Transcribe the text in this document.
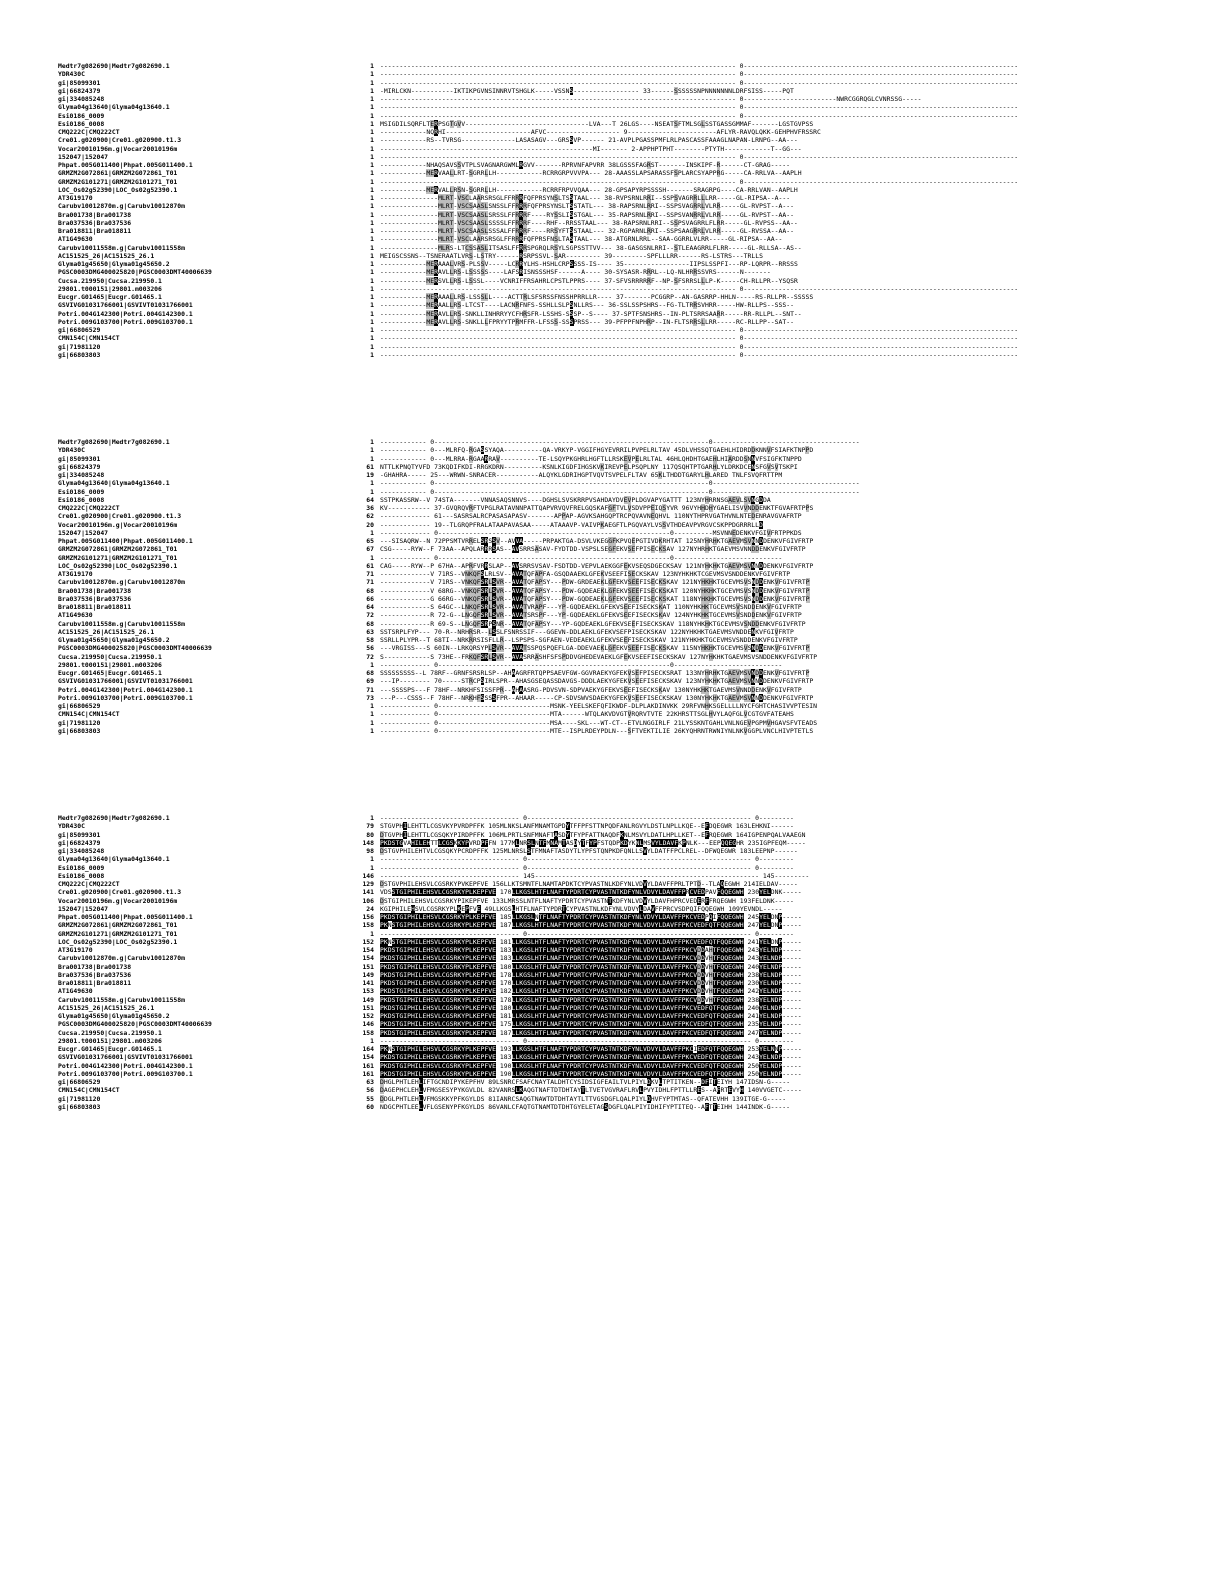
Medtr7g082690|Medtr7g082690.1	1 -------------------------------------------------------------------------------------------- 0-----------------------------------------------------------------------
YDR430C	1 -------------------------------------------------------------------------------------------- 0-----------------------------------------------------------------------
gi|85099301	1 -------------------------------------------------------------------------------------------- 0-----------------------------------------------------------------------
gi|66824379	1 -MIRLCKN-----------IKTIKPGVNSINNRVTSHGLK-----VSSNS----------------- 33------SSSSSSNPNNNNNNNLDRFSISS-----PQT
gi|334085248	1 -------------------------------------------------------------------------------------------- 0------------------------NWRCGGRQGLCVNRSSG-----
Glyma04g13640|Glyma04g13640.1	1 -------------------------------------------------------------------------------------------- 0-----------------------------------------------------------------------
Esi0186_0009	1 -------------------------------------------------------------------------------------------- 0-----------------------------------------------------------------------
Esi0186_0008	1 MSIGDILSQRFLTERPSGTGVV--------------------------------LVA---T 26LGS----NSEATSFTMLSGLSSTGASSGMMAF-------LGSTGVPSS
CMQ222C|CMQ222CT	1 ------------NQRHI----------------------AFVC------------------- 9-----------------------AFLYR-RAVQLQKK-GEHPHVFRSSRC
Cre01.g020900|Cre01.g020900.t1.3	1 ------------RS--TVRSG--------------LASASAGV---GRSSVP------ 21-AVPLPGASSPMFLRLPASCASSFAAAGLNAPAN-LRNPG--AA---
Vocar20010196m.g|Vocar20010196m	1 -------------------------------------------------------MI------- 2-APPHPTPHT--------PTYTH------------T--GG---
152047|152047	1 -------------------------------------------------------------------------------------------- 0-----------------------------------------------------------------------
Phpat.005G011400|Phpat.005G011400.1	1 ------------NHAQSAVSSVTPLSVAGNARGWMLRGVV-------RPRVNFAPVRR 38LGSSSFAGRST-------INSKIPF-R------CT-GRAG-----
GRMZM2G072861|GRMZM2G072861_T01	1 ------------MERVAALLRT-SGRRLLH------------RCRRGRPVVVPA--- 28-AAASSLAPSARASSFSPLARCSYAPPRG-----CA-RRLVA--AAPLH
GRMZM2G101271|GRMZM2G101271_T01	1 -------------------------------------------------------------------------------------------- 0-----------------------------------------------------------------------
LOC_Os02g52390|LOC_Os02g52390.1	1 ------------MERVALLRSN-SGRRLLH------------RCRRFRPVVQAA--- 28-GPSAPYRPSSSSH-------SRAGRPG----CA-RRLVAN--AAPLH
AT3G19170	1 ---------------MLRT-VSCLAARSRSGLFFRRRFQFPRSYNSLTSSTAAL--- 38-RVPSRNLRRI--SSPSVAGRRLLLRR-----GL-RIPSA--A---
Carubv10012870m.g|Carubv10012870m	1 ---------------MLRT-VSCSAASLSNSSLFFRRRFQFPRSYNSLTSSTATL--- 38-RAPSRNLRRI--SSPSVAGRRLVLRR-----GL-RVPST--A---
Bra001738|Bra001738	1 ---------------MLRT-VSCSAASLSRSSLFFRRRF----RYSSLISSTGAL--- 35-RAPSRNLRRI--SSPSVANRRLVLRR-----GL-RVPST--AA--
Bra037536|Bra037536	1 ---------------MLRT-VSCSAASLSSSSLFFRRRF----RHF--RRSSTAAL--- 38-RAPSRNLRRI--SSPSVAGRRLFLRR-----GL-RVPSS--AA--
Bra018811|Bra018811	1 ---------------MLRT-VSCSAASLSSSALFFRRRF----RRSYFTSSTAAL--- 32-RGPARNLRRI--SSPSAAGRRLVLRR-----GL-RVSSA--AA--
AT1G49630	1 ---------------MLRT-VSCLAARSRSGLFFRRRFQFPRSFNSLTASTAAL--- 38-ATGRNLRRL--SAA-GGRRLVLRR-----GL-RIPSA--AA--
Carubv10011558m.g|Carubv10011558m	1 ---------------MLRS-LTCSSASLITSASLFFRRSPGRQLRSYLSGPSSTTVV--- 38-GASGSNLRRI--STLEAAGRRLFLRR-----GL-RLLSA--AS--
AC151525_26|AC151525_26.1	1 MEIGSCSSNS--TSNERAATLVRS-LSTRY------RSRPSSVL-SAR--------- 39---------SPFLLLRR------RS-LSTRS---TRLLS
Glyma01g45650|Glyma01g45650.2	1 ------------MERAAALVRS-PLSSV-----LCRRYLHS-HSHLCRPSSSS-IS---- 35-----------------IIPSLSSPFI---RP-LQRPR--RRSSS
PGSC0003DMG400025820|PGSC0003DMT40006639	1 ------------MERAVLLRS-LSSSSS----LAFSRISNSSSHSF------A---- 30-SYSASR-RRRL--LQ-NLHRRSSVRS------N-------
Cucsa.219950|Cucsa.219950.1	1 ------------MERSVLLRS-LSSSL----VCNRIFFRSAHRLCPSTLPPRS---- 37-SFVSRRRRRF--NP-SFSRRSLLLP-K-----CH-RLLPR--YSQSR
29801.t000151|29801.m003206	1 -------------------------------------------------------------------------------------------- 0-----------------------------------------------------------------------
Eucgr.G01465|Eucgr.G01465.1	1 ------------MERAAALLRS-LSSSLL----ACTTRLSFSRSSFNSSHPRRLLR---- 37-------PCGGRP--AN-GASRRP-HHLN-----RS-RLLPR--SSSSS
GSVIVG01031766001|GSVIVT01031766001	1 ------------MERAALLRS-LTCST----LACNRFNFS-SSHLLSLPSNLLRS--- 36-SSLSSPSHRS--FG-TLTRRSVHRR-----HW-RLLPS--SSS--
Potri.004G142300|Potri.004G142300.1	1 ------------MERAVLLRS-SNKLLINHRRYYCFHRSFR-LSSHS-SSSP--S---- 37-SPTFSNSHRS--IN-PLTSRRSAARR-----RR-RLLPL--SNT--
Potri.009G103700|Potri.009G103700.1	1 ------------MERAVLLRS-SNKLLLFPRYYTPRMFFR-LFSSS-SSSPRSS--- 39-PFPPFNPHRP--IN-FLTSRRSLLRR-----RC-RLLPP--SAT--
gi|66806529	1 -------------------------------------------------------------------------------------------- 0-----------------------------------------------------------------------
CMN154C|CMN154CT	1 -------------------------------------------------------------------------------------------- 0-----------------------------------------------------------------------
gi|71981120	1 -------------------------------------------------------------------------------------------- 0-----------------------------------------------------------------------
gi|66803803	1 -------------------------------------------------------------------------------------------- 0-----------------------------------------------------------------------
Medtr7g082690|Medtr7g082690.1	1 ------------ 0-----------------------------------------------------------------------0--------------------------------------
YDR430C	1 ------------ 0---MLRFQ-RGASSYAQA----------QA-VRKYP-VGGIFHGYEVRRILPVPELRLTAV 45DLVHSSQTGAEHLHIDRDDKNNVFSIAFKTNPPD
gi|85099301	1 ------------ 0---MLRRA-RGAARRAV----------TE-LSQYPKGHRLHGFTLLRSKEVPELRLTAL 46HLQHDHTGAEHLHIARDDSNNVFSIGFKTNPPD
gi|66824379	61 NTTLKPNQTYVFD 73KQDIFKDI-RRGKDRN----------KSNLKIGDFIHGSKVKIREVPELPSQPLNY 117QSQHTPTGARHLYLDRKDCENSFGVSVTSKPI
gi|334085248	19 -GHAHRA----- 25---WRWN-SNRACER-----------ALQYKLGDRIHGPTVQVTSVPELFLTAV 65KLTHDDTGARYLHLARED TNLFSVQFRTTPM
Glyma04g13640|Glyma04g13640.1	1 ------------ 0-----------------------------------------------------------------------0--------------------------------------
Esi0186_0009	1 ------------ 0-----------------------------------------------------------------------0--------------------------------------
Esi0186_0008	64 SSTPKASSRW--V 74STA-------VNNASAQSNNVS----DGHSLSVSKRRPVSAHDAYDVEVPLDGVAPYGATTT 123NYHRRNSGAEVLSVNGDDA
CMQ222C|CMQ222CT	36 KV----------- 37-GVQRQVRFTVPGLRATAVNNPATTQAPVRVQVFRELGQSKAFGFTVLVSDVPPEIQSYVR 96VYHHDHYGAELISVVNDDENKTFGVAFRTPPS
Cre01.g020900|Cre01.g020900.t1.3	62 ------------- 61---SASRSALRCPASASAPASV-------APPAP-AGVKSAHGQPTRCPQVAVNEQHVL 110NYTHPRVGATHVNLNTEDENRAVGVAFRTP
Vocar20010196m.g|Vocar20010196m	20 ------------- 19--TLGRQPFRALATAAPAVASAA-----ATAAAVP-VAIVPKAEGFTLPGQVAYLVSSVTHDEAVPVRGVCSKPPDGRRRLLD
152047|152047	1 ------------- 0------------------------------------------------------------0----------MSVNNEDENKVFGIVFRTPPKDS
Phpat.005G011400|Phpat.005G011400.1	65 ---SISAQRW--N 72PPSMTVRRELSRSSV--AVVA-----PRPAKTGA-DSVLVKEGGFKPVQEPGTIVDKRHTAT 125NYHRHKTGAEVMSVNNDDENKVFGIVFRTP
GRMZM2G072861|GRMZM2G072861_T01	67 CSG-----RYW--F 73AA--APQLARRRSAS--AVSRRSASAV-FYDTDD-VSPSLSEGFEKVSEFPISECKSAV 127NYHRHKTGAEVMSVNNDDENKVFGIVFRTP
GRMZM2G101271|GRMZM2G101271_T01	1 ------------- 0------------------------------------------------------------0----------------------------
LOC_Os02g52390|LOC_Os02g52390.1	61 CAG-----RYW--P 67HA--APRFVRRSLAP--AVSRRSVSAV-FSDTDD-VEPVLAEKGGFEKVSEQSDGECKSAV 121NYHKHKTGAEVMSVNNDDENKVFGIVFRTP
AT3G19170	71 -------------V 71RS--VNKQFSLRLSV--AVATQFAPFA-GSQDAAEKLGFEKVSEEFISECKSKAV 123NYHKHKTCGEVMSVSNDDENKVFGIVFRTP
Carubv10012870m.g|Carubv10012870m	71 -------------V 71RS--VNKQFSRLSVR--AVATQFAPSY---PDW-GRDEAEKLGFEKVSEEFISECKSKAV 121NYHKHKTGCEVMSVSNDDENKVFGIVFRTP
Bra001738|Bra001738	68 -------------V 68RG--VNKQFSRLSVR--AVATQFAPSY---PDW-GQDEAEKLGFEKVSEEFISECKSKAT 120NYHKHKTGCEVMSVSNDDENKVFGIVFRTP
Bra037536|Bra037536	66 -------------G 66RG--VNKQFSRLSVR--AVATQFAPSY---PDW-GQDEAEKLGFEKVSEEFISECKSKAT 118NYHKHKTGCEVMSVSNDDENKVFGIVFRTP
Bra018811|Bra018811	64 -------------S 64GC--LNKQFSRLSVR--AVATVRAPF---YP-GQDEAEKLGFEKVSEEFISECKSKAT 110NYHKHKTGCEVMSVSNDDENKVFGIVFRTP
AT1G49630	72 -------------R 72-G--LNGQFSRLSVR--AVATSRSPF---YP-GQDEAEKLGFEKVSEEFISECKSKAV 124NYHKHKTGCEVMSVSNDDENKVFGIVFRTP
Carubv10011558m.g|Carubv10011558m	68 -------------R 69-S--LNGQFSRPSNR--AVATQFAPSY---YP-GQDEAEKLGFEKVSEEFISECKSKAV 118NYHKHKTGCEVMSVSNDDENKVFGIVFRTP
AC151525_26|AC151525_26.1	63 SSTSRPLFYP--- 70-R--NRHRSR--LSSLFSNRSSIF---GGEVN-DDLAEKLGFEKVSEFPISECKSKAV 122NYHKHKTGAEVMSVNDDENKVFGIVFRTP
Glyma01g45650|Glyma01g45650.2	58 SSRLLPLYPR--T 68TI--NRKRRSISFLLR--LSPSPS-SGFAEN-VEDEAEKLGFEKVSEEFISECKSKAV 121NYHKHKTGCEVMSVSNDDENKVFGIVFRTP
PGSC0003DMG400025820|PGSC0003DMT40006639	56 ---VRGISS---S 60IN--LRKQRSYPLSVR--AVATSSPQSPQEFLGA-DDEVAEKLGFEKVSEEFISECKSKAV 115NYHKHKTGCEVMSVSNDDENKVFGIVFRTP
Cucsa.219950|Cucsa.219950.1	72 S------------S 73HE--FRKQFSRLSVR--AVASRRASHFSFSPDDVGHEDEVAEKLGFEKVSEEFISECKSKAV 127NYHKHKTGAEVMSVSNDDENKVFGIVFRTP
29801.t000151|29801.m003206	1 ------------- 0------------------------------------------------------------0----------------------------
Eucgr.G01465|Eucgr.G01465.1	68 SSSSSSSSS--L 78RF--GRNFSRSRLSP--AHAAGRFRTQPPSAEVFGW-GGVRAEKYGFEKVSEFPISECKSRAT 133NYHRHKTGAEVMSVNDDENKVFGIVFRTP
GSVIVG01031766001|GSVIVT01031766001	69 ---IP-------- 70-----STRCPSIRLSPR--AHASGSEQASSDAVGS-DDDLAEKYGFEKVSEEFISECKSKAV 123NYHKHKTGAEVMSVNNDDENKVFGIVFRTP
Potri.004G142300|Potri.004G142300.1	71 ---SSSSPS---F 78HF--NRKHFSISSFPR--AHAASRG-PDVSVN-SDPVAEKYGFEKVSEEFISECKSKAV 130NYHKHKTGAEVMSVNNDDENKVFGIVFRTP
Potri.009G103700|Potri.009G103700.1	73 ---P---CSSS--F 78HF--NRKHFSSSSFPR--AHAAR-----CP-SDVSWVSDAEKYGFEKVSEEFISECKSKAV 130NYHKHKTGAEVMSVNNDDENKVFGIVFRTP
gi|66806529	1 ------------- 0-----------------------------MSNK-YEELSKEFQFIKWDF-DLPLAKDINVKK 29RFVNHKSGELLLLNYCFGHTCHASIVVPTESIN
CMN154C|CMN154CT	1 ------------- 0-----------------------------MTA------WTQLAKVDVGTVRQRVTVTE 22KHRSTTSGLHVYLAQFGLVCGTGVFATEAHS
gi|71981120	1 ------------- 0-----------------------------MSA----SKL---WT-CT--ETVLNGGIRLF 21LYSSKNTGAHLVNLNGEVPGPMVHGAVSFVTEADS
gi|66803803	1 ------------- 0-----------------------------MTE--ISPLRDEYPDLN---SFTVEKTILIE 26KYQHRNTRWNIYNLNKVGGPLVNCLHIVPTETLS
Medtr7g082690|Medtr7g082690.1	1 ------------------------------------ 0---------------------------------------------------------- 0---------
YDR430C	79 STGVPHILEHTTLCGSVKYPVRDPFFK 105MLNKSLANFMNAMTGPDYTFFPFSTTNPQDFANLRGVYLDSTLNPLLKQE--EFDQEGWR 163LEHKNI------
gi|85099301	80 DTGVPHILEHTTLCGSQKYPIRDPFFK 106MLPRTLSNFMNAFTASDYTFYPFATTNAQDFKNLMSVYLDATLHPLLKET--EFRQEGWR 164IGPENPQALVAAEGN
gi|66824379	148 PKDSTGVAHILEHTTLCGSKKYPVRDPFFN 177MLNRSLNTFMNAMTASDYTFYPFSTQDPKDYKNLMSVYLDAVFKPNLK---EEPQQEGHR 235IGPFEQM-----
gi|334085248	98 DSTGVPHILEHTVLCGSQKYPCRDPFFK 125MLNRSLSTFMNAFTASDYTLYPFSTQNPKDFQNLLSVYLDATFFPCLREL--DFWQEGWR 183LEEPNP------
Glyma04g13640|Glyma04g13640.1	1 ------------------------------------ 0---------------------------------------------------------- 0---------
Esi0186_0009	1 ------------------------------------ 0---------------------------------------------------------- 0---------
Esi0186_0008	146 ------------------------------------ 145---------------------------------------------------------- 145---------
CMQ222C|CMQ222CT	129 DSTGVPHILEHSVLCGSRKYPVKEPFVE 156LLKTSMNTFLNAMTAPDKTCYPVASTNLKDFYNLVDVYLDAVFFPRLTPTD--TLAQEGWH 214IELDAV-----
Cre01.g020900|Cre01.g020900.t1.3	141 VDSSTGIPHILEHSVLCGSRKYPLKEPFVE 170LLKGSLHTFLNAFTYPDRTCYPVASTNTKDFYNLVDVYLDAVFFPRCVEDPAVFQQEGWH 230YELDNK-----
Vocar20010196m.g|Vocar20010196m	106 DSTGIPHILEHSVLCGSRKYPIKEPFVE 133LMRSSLNTFLNAFTYPDRTCYPVASTNTKDFYNLVDVYLDAVFHPRCVEDERFFRQEGWH 193FELDNK-----
152047|152047	24 KGIPHILEHSVLCGSRKYPLKEPFVE 49LLKGSLHTFLNAFTYPDRTCYPVASTNLKDFYNLVDVYLDAVFFPRCVSDPQIFQQEGWH 109YEVNDL-----
Phpat.005G011400|Phpat.005G011400.1	156 PKDSTGIPHILEHSVLCGSRKYPLKEPFVE 185LLKGSLNTFLNAFTYPDRTCYPVASTNTKDFYNLVDVYLDAVFFPKCVEDPQIFQQEGWH 245YELDNP-----
GRMZM2G072861|GRMZM2G072861_T01	158 PKNSTGIPHILEHSVLCGSRKYPLKEPFVE 187LLKGSLHTFLNAFTYPDRTCYPVASTNTKDFYNLVDVYLDAVFFPKCVEDFQTFQQEGWH 247YELDNP-----
GRMZM2G101271|GRMZM2G101271_T01	1 ------------------------------------ 0---------------------------------------------------------- 0---------
LOC_Os02g52390|LOC_Os02g52390.1	152 PKNSTGIPHILEHSVLCGSRKYPLKEPFVE 181LLKGSLHTFLNAFTYPDRTCYPVASTNTKDFYNLVDVYLDAVFFPKCVEDFQTFQQEGWH 241YELDNP-----
AT3G19170	154 PKDSTGIPHILEHSVLCGSRKYPLKEPFVE 183LLKGSLHTFLNAFTYPDRTCYPVASTNTKDFYNLVDVYLDAVFFPKCVDDAHTFQQEGWH 243YELNDP-----
Carubv10012870m.g|Carubv10012870m	154 PKDSTGIPHILEHSVLCGSRKYPLKEPFVE 183LLKGSLHTFLNAFTYPDRTCYPVASTNTKDFYNLVDVYLDAVFFPKCVDDVHTFQQEGWH 243YELNDP-----
Bra001738|Bra001738	151 PKDSTGIPHILEHSVLCGSRKYPLKEPFVE 180LLKGSLHTFLNAFTYPDRTCYPVASTNTKDFYNLVDVYLDAVFFPKCVDDVHTFQQEGWH 240YELNDP-----
Bra037536|Bra037536	149 PKDSTGIPHILEHSVLCGSRKYPLKEPFVE 178LLKGSLHTFLNAFTYPDRTCYPVASTNTKDFYNLVDVYLDAVFFPKCVDDVHTFQQEGWH 238YELNDP-----
Bra018811|Bra018811	141 PKDSTGIPHILEHSVLCGSRKYPLKEPFVE 170LLKGSLHTFLNAFTYPDRTCYPVASTNTKDFYNLVDVYLDAVFFPKCVDDVHTFQQEGWH 230YELNDP-----
AT1G49630	153 PKDSTGIPHILEHSVLCGSRKYPLKEPFVE 182LLKGSLHTFLNAFTYPDRTCYPVASTNTKDFYNLVDVYLDAVFFPKCVDDVHTFQQEGWH 242YELNDP-----
Carubv10011558m.g|Carubv10011558m	149 PKDSTGIPHILEHSVLCGSRKYPLKEPFVE 178LLKGSLHTFLNAFTYPDRTCYPVASTNTKDFYNLVDVYLDAVFFPKCVDDVHTFQQEGWH 238YELNDP-----
AC151525_26|AC151525_26.1	151 PKDSTGIPHILEHSVLCGSRKYPLKEPFVE 180LLKGSLHTFLNAFTYPDRTCYPVASTNTKDFYNLVDVYLDAVFFPKCVEDFQTFQQEGWH 240YELNDP-----
Glyma01g45650|Glyma01g45650.2	152 PKDSTGIPHILEHSVLCGSRKYPLKEPFVE 181LLKGSLHTFLNAFTYPDRTCYPVASTNTKDFYNLVDVYLDAVFFPKCVEDFQTFQQEGWH 241YELNDP-----
PGSC0003DMG400025820|PGSC0003DMT40006639	146 PKDSTGIPHILEHSVLCGSRKYPLKEPFVE 175LLKGSLHTFLNAFTYPDRTCYPVASTNTKDFYNLVDVYLDAVFFPKCVEDFQTFQQEGWH 235YELNDP-----
Cucsa.219950|Cucsa.219950.1	158 PKDSTGIPHILEHSVLCGSRKYPLKEPFVE 187LLKGSLHTFLNAFTYPDRTCYPVASTNTKDFYNLVDVYLDAVFFPKCVEDFQTFQQEGWH 247YELNDP-----
29801.t000151|29801.m003206	1 ------------------------------------ 0---------------------------------------------------------- 0---------
Eucgr.G01465|Eucgr.G01465.1	164 PKNSTGIPHILEHSVLCGSRKYPLKEPFVE 193LLKGSLHTFLNAFTYPDRTCYPVASTNTKDFYNLVDVYLDAVFFPKCIEDFQTFQQEGWH 253YELNNP-----
GSVIVG01031766001|GSVIVT01031766001	154 PKDSTGIPHILEHSVLCGSRKYPLKEPFVE 183LLKGSLHTFLNAFTYPDRTCYPVASTNTKDFYNLVDVYLDAVFFPKCVEDFQTFQQEGWH 243YELNDP-----
Potri.004G142300|Potri.004G142300.1	161 PKDSTGIPHILEHSVLCGSRKYPLKEPFVE 190LLKGSLHTFLNAFTYPDRTCYPVASTNTKDFYNLVDVYLDAVFFPKCVEDFQTFQQEGWH 250YELNDP-----
Potri.009G103700|Potri.009G103700.1	161 PKDSTGIPHILEHSVLCGSRKYPLKEPFVE 190LLKGSLHTFLNAFTYPDRTCYPVASTNTKDFYNLVDVYLDAVFFPKCVEDFQTFQQEGWH 250YELNDP-----
gi|66806529	63 DHGLPHTLEHLIFTGCNDIPYKEPFHV 89LSNRCFSAFCNAYTALDHTCYSIDSIGFEAILTVLPIYLDKVLTPTITKEN--DFITEIYH 147IDSN-G-----
CMN154C|CMN154CT	56 DAGEPHCLEHLVFMGSESYPYKGVLDL 82VANRSLKAQGTNAFTDTDHTAYTLTVETVGVRAFLRVLPVYIDHLFPTTLLRES--AFRTEVYH 140VVGETC-----
gi|71981120	55 DDGLPHTLEHLVFMGSKKYPFKGYLDS 81IANRCSAQGTNAWTDTDHTAYTLTTVGSDGFLQALPIYLDHVFYPTMTAS--QFATEVHH 139ITGE-G-----
gi|66803803	60 NDGCPHTLEELVFLGSENYPFKGYLDS 86VANLCFAQTGTNAMTDTDHTGYELETAGSDGFLQALPIYIDHIFYPTITEQ--AFTTEIHH 144INDK-G-----
